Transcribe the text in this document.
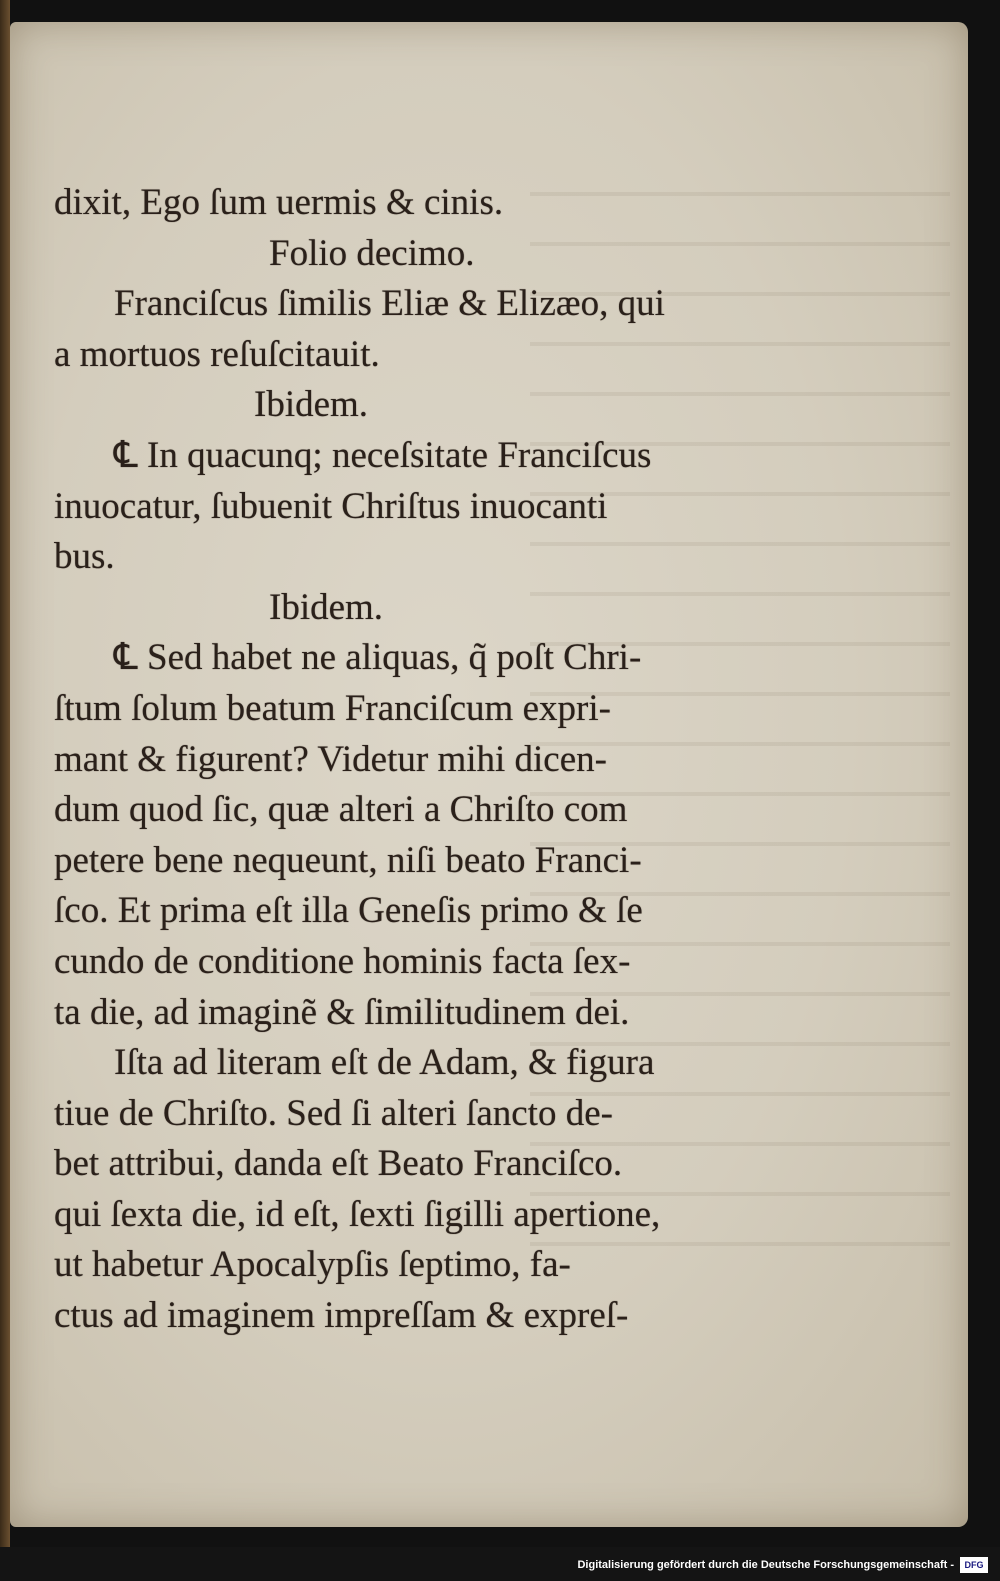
dixit, Ego ſum uermis & cinis.
Folio decimo.
Franciſcus ſimilis Eliæ & Elizæo, qui
a mortuos reſuſcitauit.
Ibidem.
℄ In quacunq; neceſsitate Franciſcus
inuocatur, ſubuenit Chriſtus inuocanti
bus.
Ibidem.
℄ Sed habet ne aliquas, q̃ poſt Chri-
ſtum ſolum beatum Franciſcum expri-
mant & figurent? Videtur mihi dicen-
dum quod ſic, quæ alteri a Chriſto com
petere bene nequeunt, niſi beato Franci-
ſco. Et prima eſt illa Geneſis primo & ſe
cundo de conditione hominis facta ſex-
ta die, ad imaginẽ & ſimilitudinem dei.
Iſta ad literam eſt de Adam, & figura
tiue de Chriſto. Sed ſi alteri ſancto de-
bet attribui, danda eſt Beato Franciſco.
qui ſexta die, id eſt, ſexti ſigilli apertione,
ut habetur Apocalypſis ſeptimo, fa-
ctus ad imaginem impreſſam & expreſ-
Digitalisierung gefördert durch die Deutsche Forschungsgemeinschaft -	DFG
